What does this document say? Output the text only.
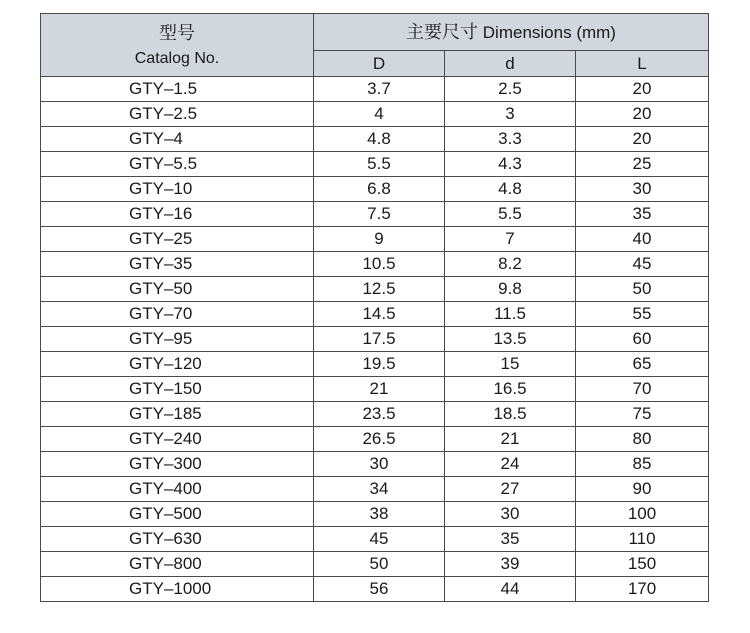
型号
Catalog No.	主要尺寸 Dimensions (mm)		
	D	d	L
GTY–1.5	3.7	2.5	20
GTY–2.5	4	3	20
GTY–4	4.8	3.3	20
GTY–5.5	5.5	4.3	25
GTY–10	6.8	4.8	30
GTY–16	7.5	5.5	35
GTY–25	9	7	40
GTY–35	10.5	8.2	45
GTY–50	12.5	9.8	50
GTY–70	14.5	11.5	55
GTY–95	17.5	13.5	60
GTY–120	19.5	15	65
GTY–150	21	16.5	70
GTY–185	23.5	18.5	75
GTY–240	26.5	21	80
GTY–300	30	24	85
GTY–400	34	27	90
GTY–500	38	30	100
GTY–630	45	35	110
GTY–800	50	39	150
GTY–1000	56	44	170
